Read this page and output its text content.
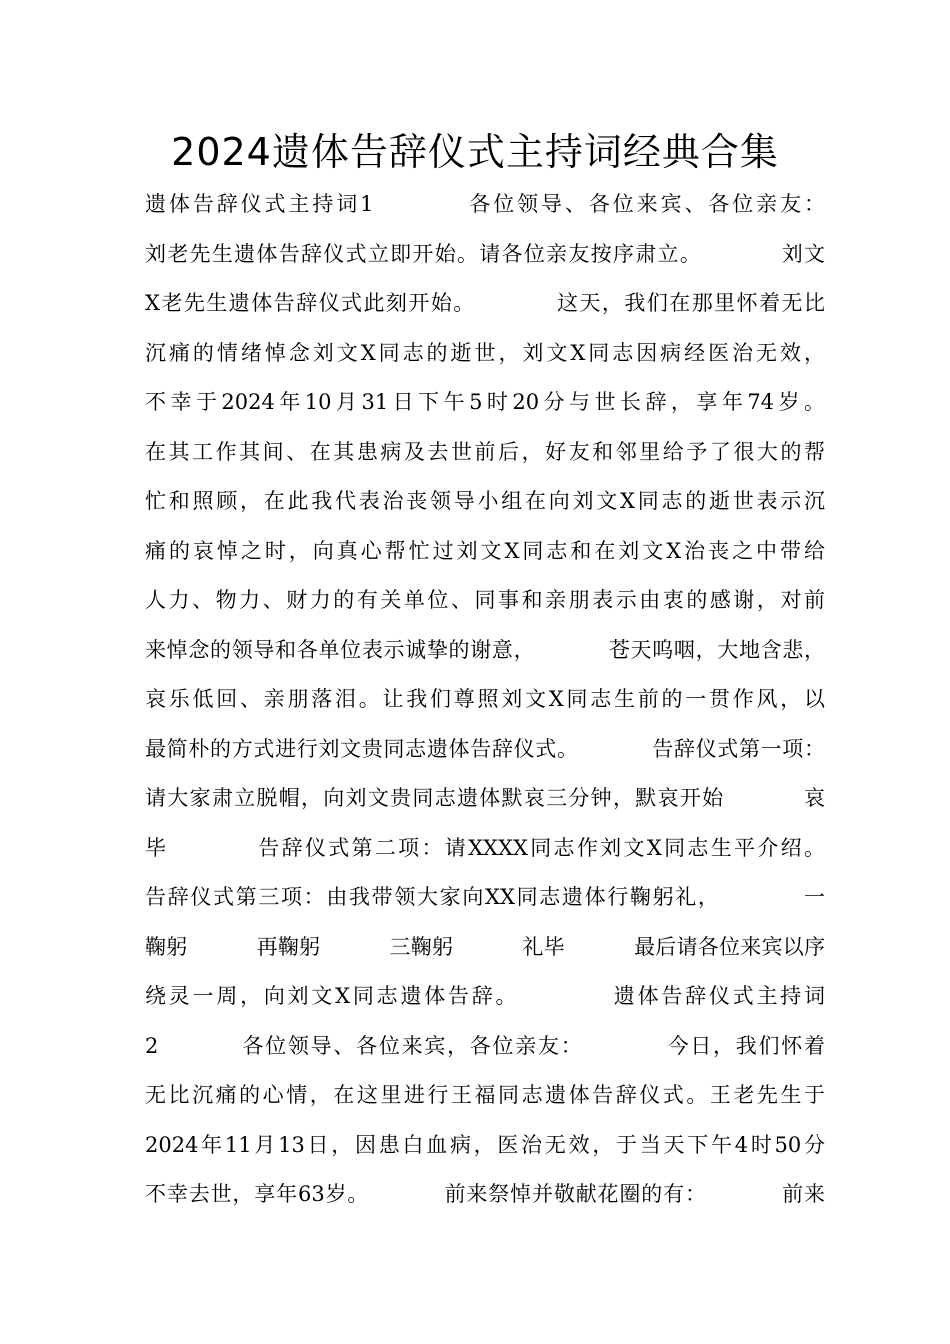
2024遗体告辞仪式主持词经典合集
遗体告辞仪式主持词1          各位领导、各位来宾、各位亲友：
刘老先生遗体告辞仪式立即开始。请各位亲友按序肃立。          刘文
X老先生遗体告辞仪式此刻开始。          这天，我们在那里怀着无比
沉痛的情绪悼念刘文X同志的逝世，刘文X同志因病经医治无效，
不幸于2024年10月31日下午5时20分与世长辞，享年74岁。
在其工作其间、在其患病及去世前后，好友和邻里给予了很大的帮
忙和照顾，在此我代表治丧领导小组在向刘文X同志的逝世表示沉
痛的哀悼之时，向真心帮忙过刘文X同志和在刘文X治丧之中带给
人力、物力、财力的有关单位、同事和亲朋表示由衷的感谢，对前
来悼念的领导和各单位表示诚挚的谢意，          苍天呜咽，大地含悲，
哀乐低回、亲朋落泪。让我们尊照刘文X同志生前的一贯作风，以
最简朴的方式进行刘文贵同志遗体告辞仪式。          告辞仪式第一项：
请大家肃立脱帽，向刘文贵同志遗体默哀三分钟，默哀开始          哀
毕          告辞仪式第二项：请XXXX同志作刘文X同志生平介绍。
告辞仪式第三项：由我带领大家向XX同志遗体行鞠躬礼，          一
鞠躬          再鞠躬          三鞠躬          礼毕          最后请各位来宾以序
绕灵一周，向刘文X同志遗体告辞。          遗体告辞仪式主持词
2          各位领导、各位来宾，各位亲友：          今日，我们怀着
无比沉痛的心情，在这里进行王福同志遗体告辞仪式。王老先生于
2024年11月13日，因患白血病，医治无效，于当天下午4时50分
不幸去世，享年63岁。          前来祭悼并敬献花圈的有：          前来
